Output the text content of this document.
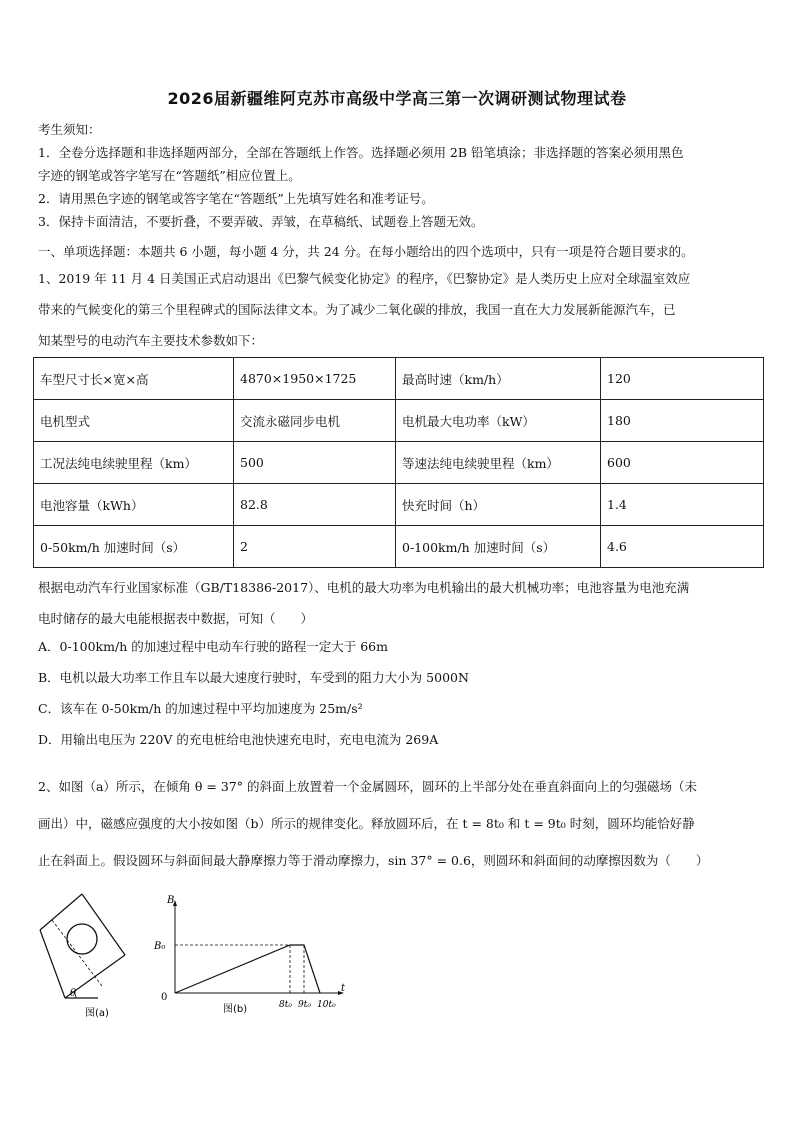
2026届新疆维阿克苏市高级中学高三第一次调研测试物理试卷
考生须知：
1．全卷分选择题和非选择题两部分，全部在答题纸上作答。选择题必须用 2B 铅笔填涂；非选择题的答案必须用黑色
字迹的钢笔或答字笔写在“答题纸”相应位置上。
2．请用黑色字迹的钢笔或答字笔在“答题纸”上先填写姓名和准考证号。
3．保持卡面清洁，不要折叠，不要弄破、弄皱，在草稿纸、试题卷上答题无效。
一、单项选择题：本题共 6 小题，每小题 4 分，共 24 分。在每小题给出的四个选项中，只有一项是符合题目要求的。
1、2019 年 11 月 4 日美国正式启动退出《巴黎气候变化协定》的程序，《巴黎协定》是人类历史上应对全球温室效应
带来的气候变化的第三个里程碑式的国际法律文本。为了减少二氧化碳的排放，我国一直在大力发展新能源汽车，已
知某型号的电动汽车主要技术参数如下：
车型尺寸长×宽×高	4870×1950×1725	最高时速（km/h）	120
电机型式	交流永磁同步电机	电机最大电功率（kW）	180
工况法纯电续驶里程（km）	500	等速法纯电续驶里程（km）	600
电池容量（kWh）	82.8	快充时间（h）	1.4
0-50km/h 加速时间（s）	2	0-100km/h 加速时间（s）	4.6
根据电动汽车行业国家标准（GB/T18386-2017）、电机的最大功率为电机输出的最大机械功率；电池容量为电池充满
电时储存的最大电能根据表中数据，可知（　　）
A．0-100km/h 的加速过程中电动车行驶的路程一定大于 66m
B．电机以最大功率工作且车以最大速度行驶时，车受到的阻力大小为 5000N
C．该车在 0-50km/h 的加速过程中平均加速度为 25m/s²
D．用输出电压为 220V 的充电桩给电池快速充电时，充电电流为 269A
2、如图（a）所示，在倾角 θ = 37° 的斜面上放置着一个金属圆环，圆环的上半部分处在垂直斜面向上的匀强磁场（未
画出）中，磁感应强度的大小按如图（b）所示的规律变化。释放圆环后，在 t = 8t₀ 和 t = 9t₀ 时刻，圆环均能恰好静
止在斜面上。假设圆环与斜面间最大静摩擦力等于滑动摩擦力，sin 37° = 0.6，则圆环和斜面间的动摩擦因数为（　　）
θ
图(a)
B
t
B₀
0
8t₀ 9t₀ 10t₀
图(b)
